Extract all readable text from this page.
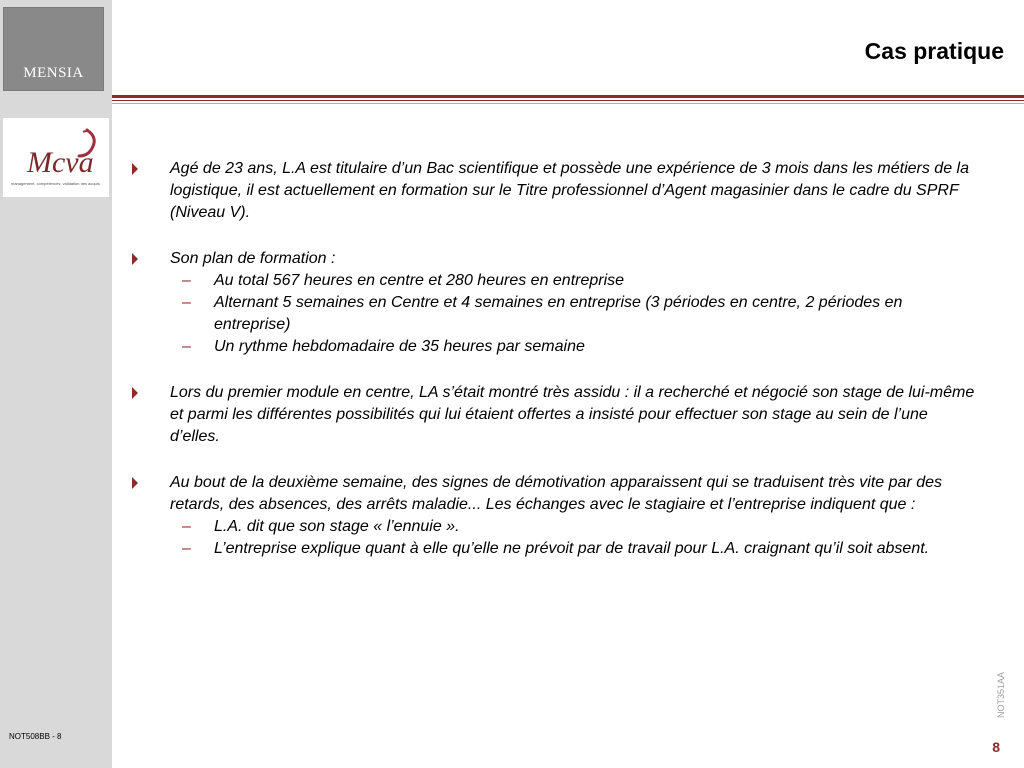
MENSIA
Mcva
management, compétences, validation des acquis
NOT508BB - 8
Cas pratique
Agé de 23 ans, L.A est titulaire d’un Bac scientifique et possède une expérience de 3 mois dans les métiers de la logistique, il est actuellement en formation sur le Titre professionnel d’Agent magasinier dans le cadre du SPRF (Niveau V).
Son plan de formation :
– Au total 567 heures en centre et 280 heures en entreprise
– Alternant 5 semaines en Centre et 4 semaines en entreprise (3 périodes en centre, 2 périodes en entreprise)
– Un rythme hebdomadaire de 35 heures par semaine
Lors du premier module en centre, LA s’était montré très assidu : il a recherché et négocié son stage de lui-même et parmi les différentes possibilités qui lui étaient offertes a insisté pour effectuer son stage au sein de l’une d’elles.
Au bout de la deuxième semaine, des signes de démotivation apparaissent qui se traduisent très vite par des retards, des absences, des arrêts maladie... Les échanges avec le stagiaire et l’entreprise indiquent que :
– L.A. dit que son stage « l’ennuie ».
– L’entreprise explique quant à elle qu’elle ne prévoit par de travail pour L.A. craignant qu’il soit absent.
NOT351AA
8
